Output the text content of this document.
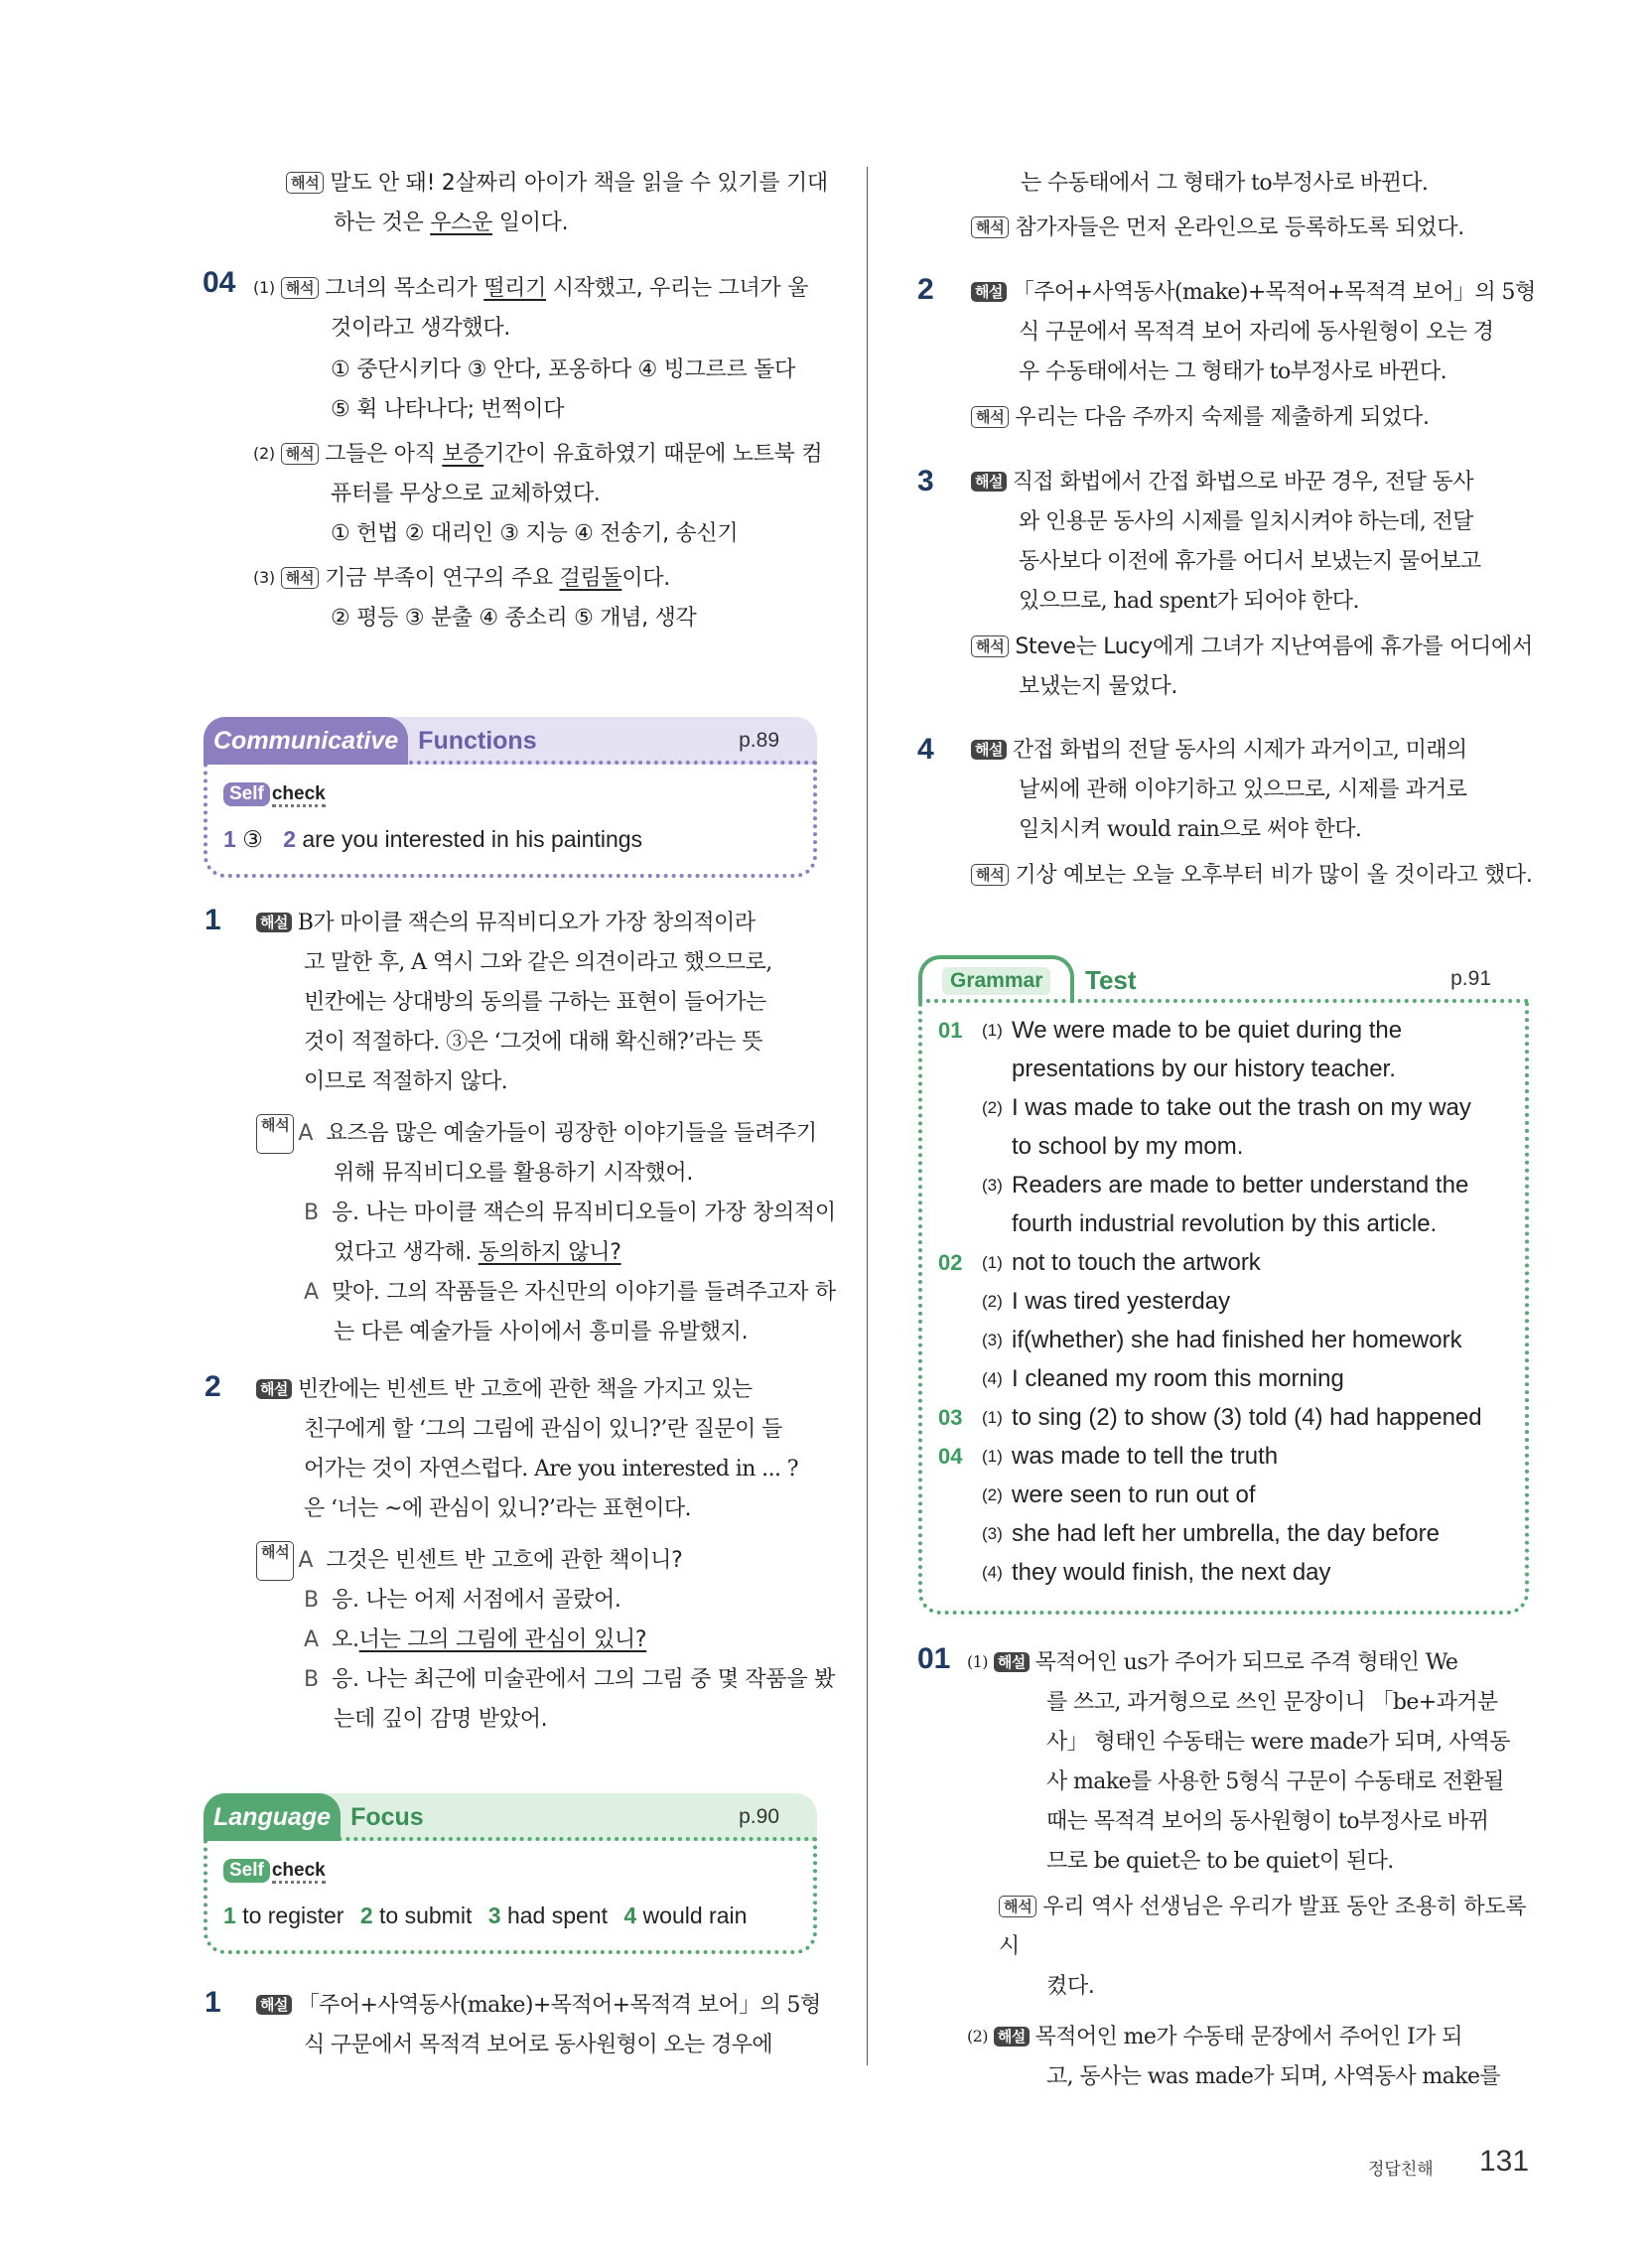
해석 말도 안 돼! 2살짜리 아이가 책을 읽을 수 있기를 기대
하는 것은 우스운 일이다.
04 (1) 해석 그녀의 목소리가 떨리기 시작했고, 우리는 그녀가 울
것이라고 생각했다.
① 중단시키다 ③ 안다, 포옹하다 ④ 빙그르르 돌다
⑤ 휙 나타나다; 번쩍이다
(2) 해석 그들은 아직 보증기간이 유효하였기 때문에 노트북 컴
퓨터를 무상으로 교체하였다.
① 헌법 ② 대리인 ③ 지능 ④ 전송기, 송신기
(3) 해석 기금 부족이 연구의 주요 걸림돌이다.
② 평등 ③ 분출 ④ 종소리 ⑤ 개념, 생각
Communicative Functions	p.89
Self check
1 ③ 2 are you interested in his paintings
1	해설 B가 마이클 잭슨의 뮤직비디오가 가장 창의적이라
고 말한 후, A 역시 그와 같은 의견이라고 했으므로,
빈칸에는 상대방의 동의를 구하는 표현이 들어가는
것이 적절하다. ③은 ‘그것에 대해 확신해?’라는 뜻
이므로 적절하지 않다.
해석 A 요즈음 많은 예술가들이 굉장한 이야기들을 들려주기
위해 뮤직비디오를 활용하기 시작했어.
B 응. 나는 마이클 잭슨의 뮤직비디오들이 가장 창의적이
었다고 생각해. 동의하지 않니?
A 맞아. 그의 작품들은 자신만의 이야기를 들려주고자 하
는 다른 예술가들 사이에서 흥미를 유발했지.
2	해설 빈칸에는 빈센트 반 고흐에 관한 책을 가지고 있는
친구에게 할 ‘그의 그림에 관심이 있니?’란 질문이 들
어가는 것이 자연스럽다. Are you interested in ... ?
은 ‘너는 ~에 관심이 있니?’라는 표현이다.
해석 A 그것은 빈센트 반 고흐에 관한 책이니?
B 응. 나는 어제 서점에서 골랐어.
A 오. 너는 그의 그림에 관심이 있니?
B 응. 나는 최근에 미술관에서 그의 그림 중 몇 작품을 봤
는데 깊이 감명 받았어.
Language Focus	p.90
Self check
1 to register 2 to submit 3 had spent 4 would rain
1	해설 「주어+사역동사(make)+목적어+목적격 보어」의 5형
식 구문에서 목적격 보어로 동사원형이 오는 경우에
는 수동태에서 그 형태가 to부정사로 바뀐다.
해석 참가자들은 먼저 온라인으로 등록하도록 되었다.
2	해설 「주어+사역동사(make)+목적어+목적격 보어」의 5형
식 구문에서 목적격 보어 자리에 동사원형이 오는 경
우 수동태에서는 그 형태가 to부정사로 바뀐다.
해석 우리는 다음 주까지 숙제를 제출하게 되었다.
3	해설 직접 화법에서 간접 화법으로 바꾼 경우, 전달 동사
와 인용문 동사의 시제를 일치시켜야 하는데, 전달
동사보다 이전에 휴가를 어디서 보냈는지 물어보고
있으므로, had spent가 되어야 한다.
해석 Steve는 Lucy에게 그녀가 지난여름에 휴가를 어디에서
보냈는지 물었다.
4	해설 간접 화법의 전달 동사의 시제가 과거이고, 미래의
날씨에 관해 이야기하고 있으므로, 시제를 과거로
일치시켜 would rain으로 써야 한다.
해석 기상 예보는 오늘 오후부터 비가 많이 올 것이라고 했다.
Grammar	Test	p.91
01	(1) We were made to be quiet during the
presentations by our history teacher.
(2) I was made to take out the trash on my way
to school by my mom.
(3) Readers are made to better understand the
fourth industrial revolution by this article.
02	(1) not to touch the artwork
(2) I was tired yesterday
(3) if(whether) she had finished her homework
(4) I cleaned my room this morning
03	(1) to sing (2) to show (3) told (4) had happened
04	(1) was made to tell the truth
(2) were seen to run out of
(3) she had left her umbrella, the day before
(4) they would finish, the next day
01 (1) 해설 목적어인 us가 주어가 되므로 주격 형태인 We
를 쓰고, 과거형으로 쓰인 문장이니 「be+과거분
사」 형태인 수동태는 were made가 되며, 사역동
사 make를 사용한 5형식 구문이 수동태로 전환될
때는 목적격 보어의 동사원형이 to부정사로 바뀌
므로 be quiet은 to be quiet이 된다.
해석 우리 역사 선생님은 우리가 발표 동안 조용히 하도록 시
켰다.
(2) 해설 목적어인 me가 수동태 문장에서 주어인 I가 되
고, 동사는 was made가 되며, 사역동사 make를
정답친해 131
